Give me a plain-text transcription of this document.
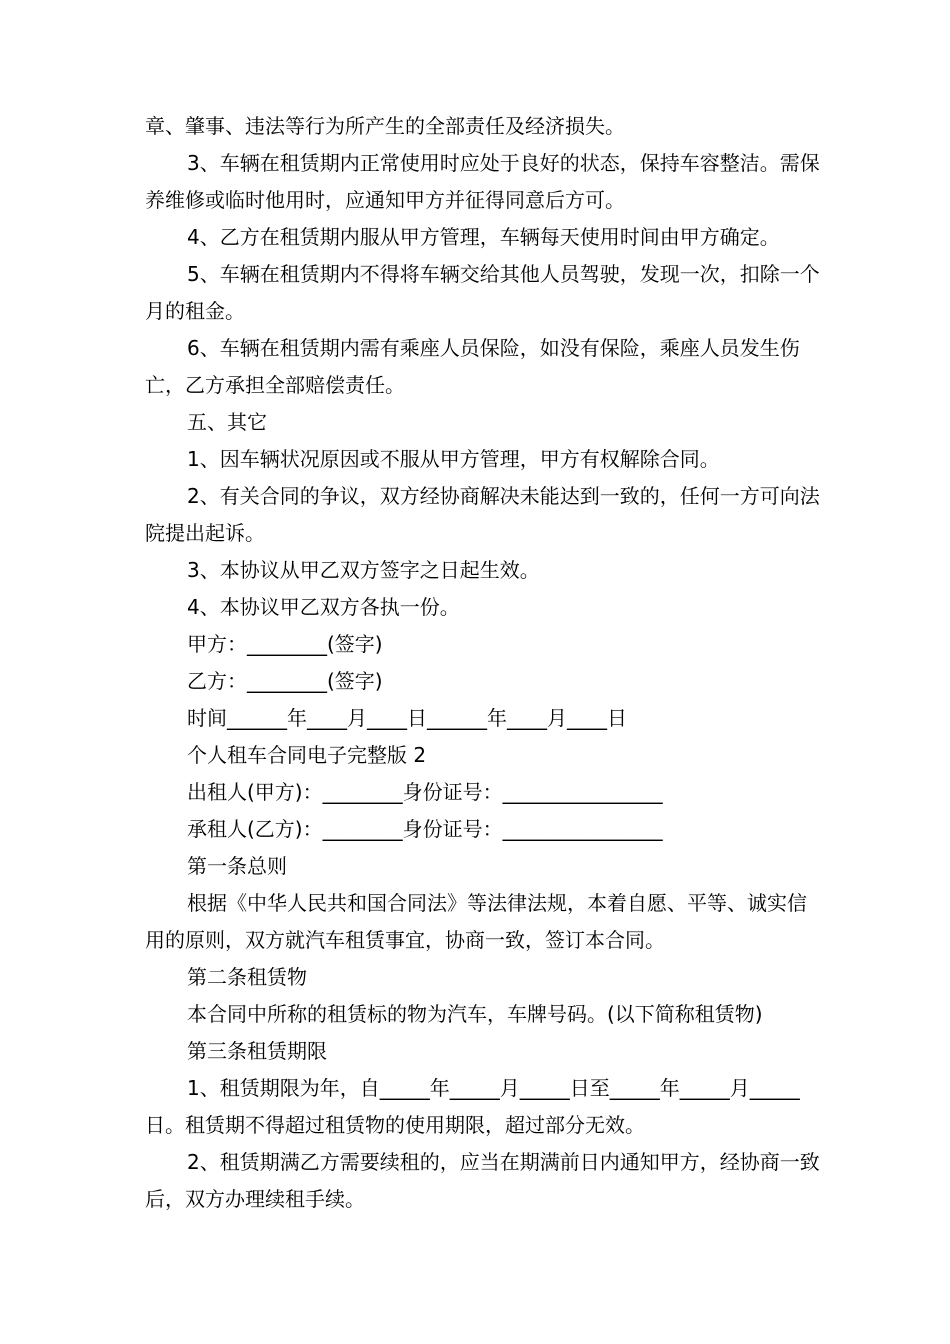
章、肇事、违法等行为所产生的全部责任及经济损失。

3、车辆在租赁期内正常使用时应处于良好的状态，保持车容整洁。需保养维修或临时他用时，应通知甲方并征得同意后方可。

4、乙方在租赁期内服从甲方管理，车辆每天使用时间由甲方确定。

5、车辆在租赁期内不得将车辆交给其他人员驾驶，发现一次，扣除一个月的租金。

6、车辆在租赁期内需有乘座人员保险，如没有保险，乘座人员发生伤亡，乙方承担全部赔偿责任。

五、其它

1、因车辆状况原因或不服从甲方管理，甲方有权解除合同。

2、有关合同的争议，双方经协商解决未能达到一致的，任何一方可向法院提出起诉。

3、本协议从甲乙双方签字之日起生效。

4、本协议甲乙双方各执一份。

甲方：________(签字)

乙方：________(签字)

时间______年____月____日______年____月____日

个人租车合同电子完整版 2

出租人(甲方)：________身份证号：________________

承租人(乙方)：________身份证号：________________

第一条总则

根据《中华人民共和国合同法》等法律法规，本着自愿、平等、诚实信用的原则，双方就汽车租赁事宜，协商一致，签订本合同。

第二条租赁物

本合同中所称的租赁标的物为汽车，车牌号码。(以下简称租赁物)

第三条租赁期限

1、租赁期限为年，自_____年_____月_____日至_____年_____月_____日。租赁期不得超过租赁物的使用期限，超过部分无效。

2、租赁期满乙方需要续租的，应当在期满前日内通知甲方，经协商一致后，双方办理续租手续。
